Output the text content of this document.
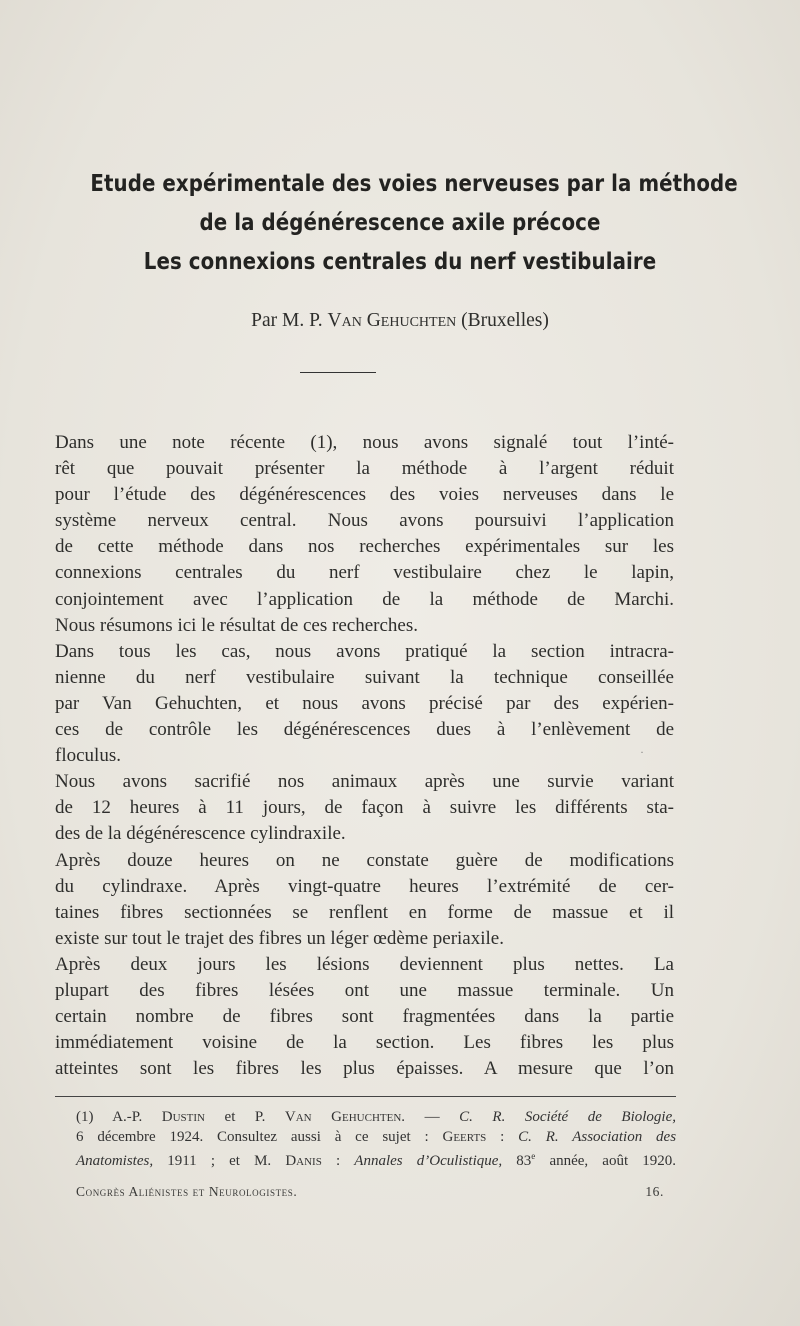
Etude expérimentale des voies nerveuses par la méthode
de la dégénérescence axile précoce
Les connexions centrales du nerf vestibulaire
Par M. P. Van Gehuchten (Bruxelles)

Dans une note récente (1), nous avons signalé tout l’inté-
rêt que pouvait présenter la méthode à l’argent réduit
pour l’étude des dégénérescences des voies nerveuses dans le
système nerveux central. Nous avons poursuivi l’application
de cette méthode dans nos recherches expérimentales sur les
connexions centrales du nerf vestibulaire chez le lapin,
conjointement avec l’application de la méthode de Marchi.
Nous résumons ici le résultat de ces recherches.

Dans tous les cas, nous avons pratiqué la section intracra-
nienne du nerf vestibulaire suivant la technique conseillée
par Van Gehuchten, et nous avons précisé par des expérien-
ces de contrôle les dégénérescences dues à l’enlèvement de
floculus.

Nous avons sacrifié nos animaux après une survie variant
de 12 heures à 11 jours, de façon à suivre les différents sta-
des de la dégénérescence cylindraxile.

Après douze heures on ne constate guère de modifications
du cylindraxe. Après vingt-quatre heures l’extrémité de cer-
taines fibres sectionnées se renflent en forme de massue et il
existe sur tout le trajet des fibres un léger œdème periaxile.

Après deux jours les lésions deviennent plus nettes. La
plupart des fibres lésées ont une massue terminale. Un
certain nombre de fibres sont fragmentées dans la partie
immédiatement voisine de la section. Les fibres les plus
atteintes sont les fibres les plus épaisses. A mesure que l’on

(1) A.-P. Dustin et P. Van Gehuchten. — C. R. Société de Biologie,
6 décembre 1924. Consultez aussi à ce sujet : Geerts : C. R. Association des
Anatomistes, 1911 ; et M. Danis : Annales d’Oculistique, 83e année, août 1920.
Congrès Aliénistes et Neurologistes.	16.
·
